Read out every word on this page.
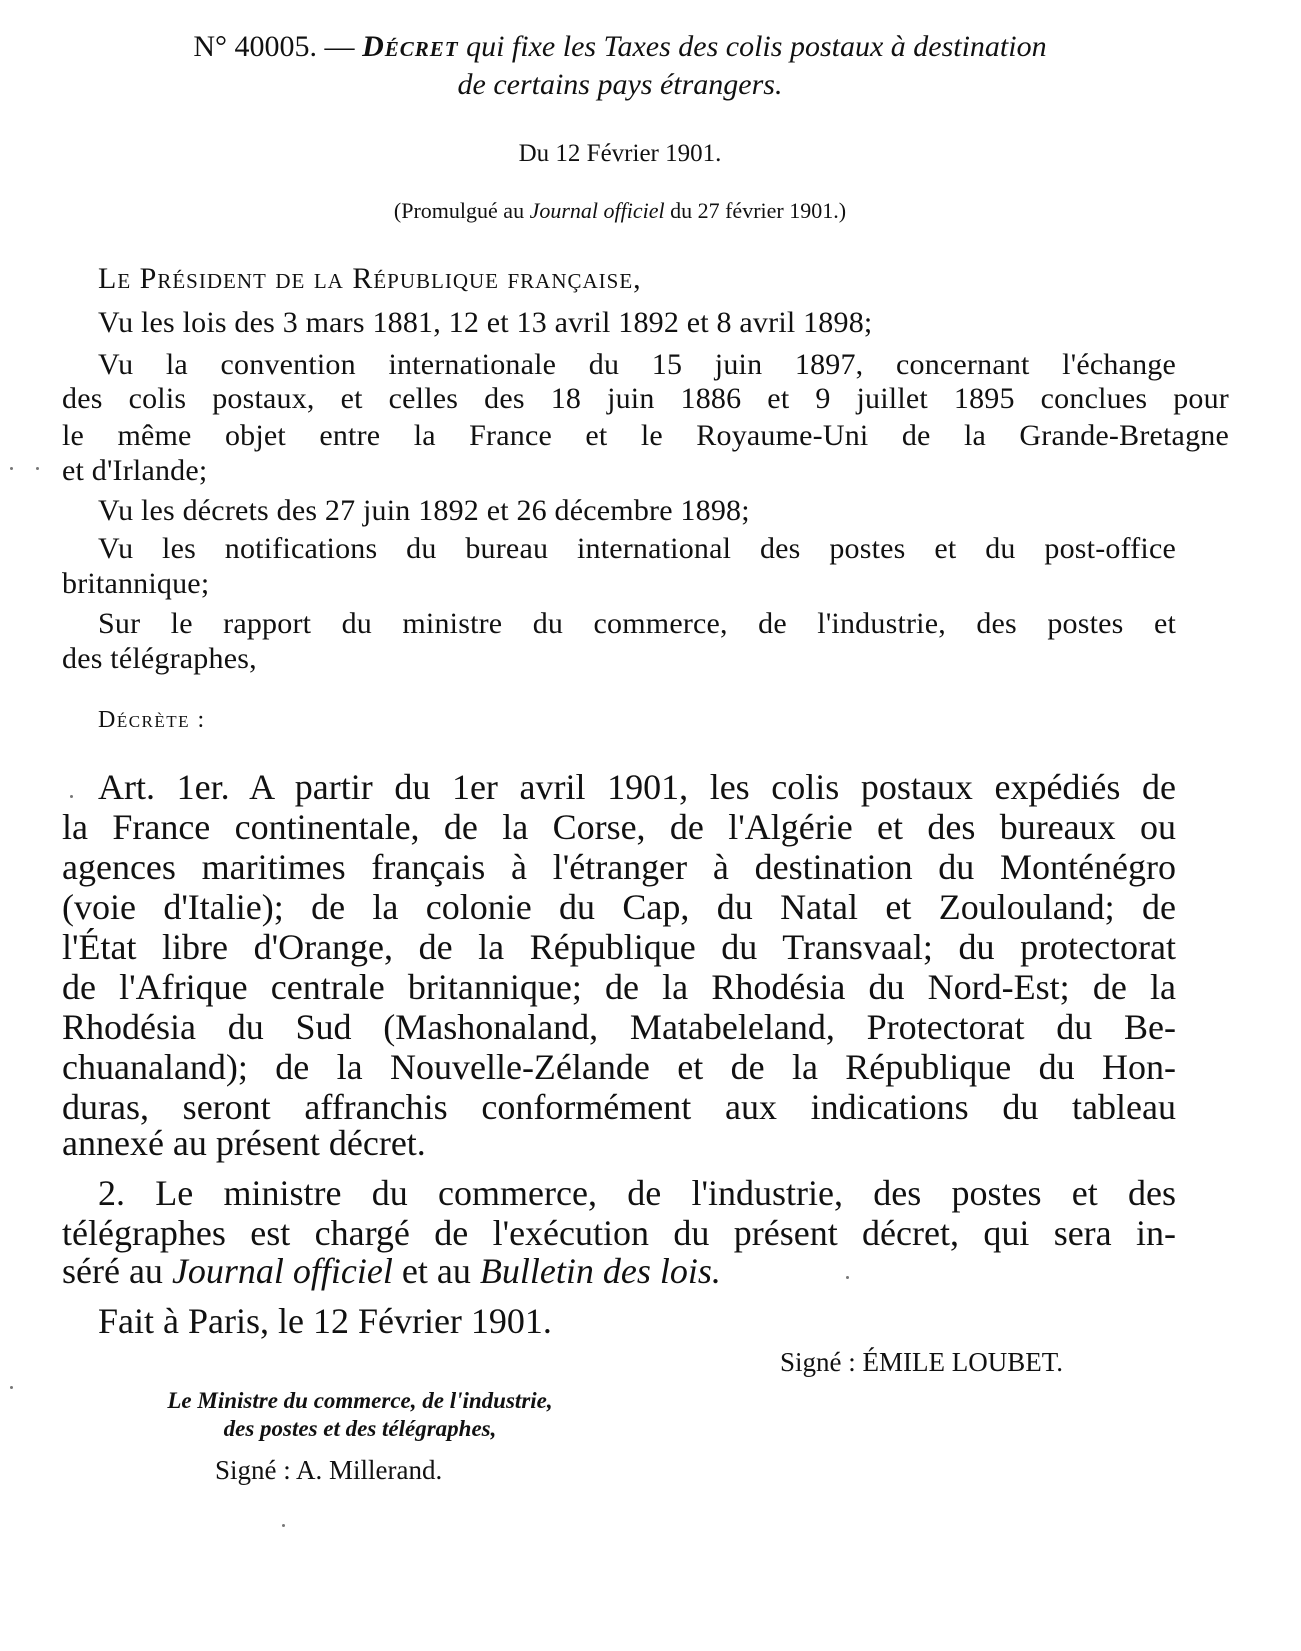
N° 40005. — Décret qui fixe les Taxes des colis postaux à destination

de certains pays étrangers.

Du 12 Février 1901.

(Promulgué au Journal officiel du 27 février 1901.)

Le Président de la République française,

Vu les lois des 3 mars 1881, 12 et 13 avril 1892 et 8 avril 1898;

Vu la convention internationale du 15 juin 1897, concernant l'échange

des colis postaux, et celles des 18 juin 1886 et 9 juillet 1895 conclues pour

le même objet entre la France et le Royaume-Uni de la Grande-Bretagne

et d'Irlande;

Vu les décrets des 27 juin 1892 et 26 décembre 1898;

Vu les notifications du bureau international des postes et du post-office

britannique;

Sur le rapport du ministre du commerce, de l'industrie, des postes et

des télégraphes,

Décrète :

Art. 1er. A partir du 1er avril 1901, les colis postaux expédiés de

la France continentale, de la Corse, de l'Algérie et des bureaux ou

agences maritimes français à l'étranger à destination du Monténégro

(voie d'Italie); de la colonie du Cap, du Natal et Zoulouland; de

l'État libre d'Orange, de la République du Transvaal; du protectorat

de l'Afrique centrale britannique; de la Rhodésia du Nord-Est; de la

Rhodésia du Sud (Mashonaland, Matabeleland, Protectorat du Be-

chuanaland); de la Nouvelle-Zélande et de la République du Hon-

duras, seront affranchis conformément aux indications du tableau

annexé au présent décret.

2. Le ministre du commerce, de l'industrie, des postes et des

télégraphes est chargé de l'exécution du présent décret, qui sera in-

séré au Journal officiel et au Bulletin des lois.

Fait à Paris, le 12 Février 1901.

Signé : ÉMILE LOUBET.

Le Ministre du commerce, de l'industrie,

des postes et des télégraphes,

Signé : A. Millerand.
